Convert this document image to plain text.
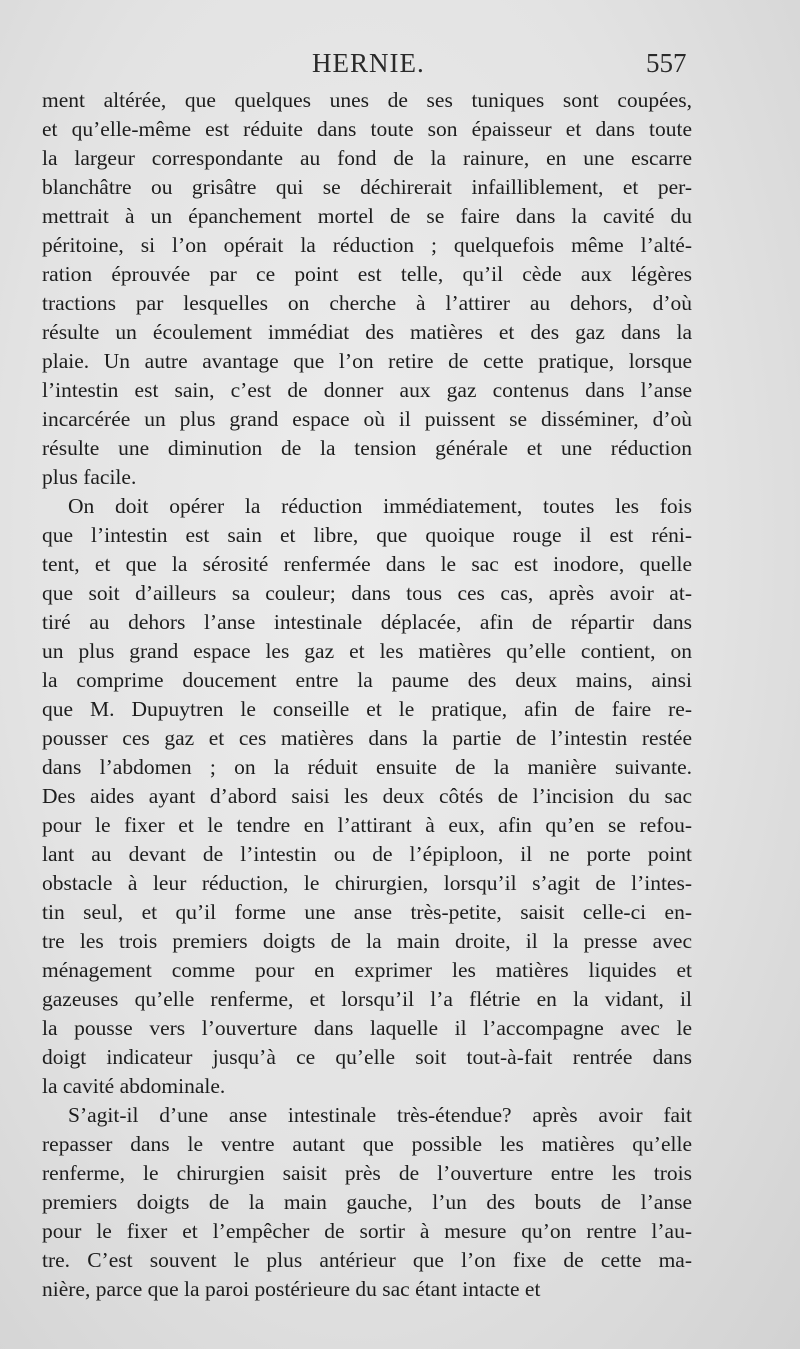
HERNIE.	557
ment altérée, que quelques unes de ses tuniques sont coupées,
et qu’elle-même est réduite dans toute son épaisseur et dans toute
la largeur correspondante au fond de la rainure, en une escarre
blanchâtre ou grisâtre qui se déchirerait infailliblement, et per-
mettrait à un épanchement mortel de se faire dans la cavité du
péritoine, si l’on opérait la réduction ; quelquefois même l’alté-
ration éprouvée par ce point est telle, qu’il cède aux légères
tractions par lesquelles on cherche à l’attirer au dehors, d’où
résulte un écoulement immédiat des matières et des gaz dans la
plaie. Un autre avantage que l’on retire de cette pratique, lorsque
l’intestin est sain, c’est de donner aux gaz contenus dans l’anse
incarcérée un plus grand espace où il puissent se disséminer, d’où
résulte une diminution de la tension générale et une réduction
plus facile.
On doit opérer la réduction immédiatement, toutes les fois
que l’intestin est sain et libre, que quoique rouge il est réni-
tent, et que la sérosité renfermée dans le sac est inodore, quelle
que soit d’ailleurs sa couleur; dans tous ces cas, après avoir at-
tiré au dehors l’anse intestinale déplacée, afin de répartir dans
un plus grand espace les gaz et les matières qu’elle contient, on
la comprime doucement entre la paume des deux mains, ainsi
que M. Dupuytren le conseille et le pratique, afin de faire re-
pousser ces gaz et ces matières dans la partie de l’intestin restée
dans l’abdomen ; on la réduit ensuite de la manière suivante.
Des aides ayant d’abord saisi les deux côtés de l’incision du sac
pour le fixer et le tendre en l’attirant à eux, afin qu’en se refou-
lant au devant de l’intestin ou de l’épiploon, il ne porte point
obstacle à leur réduction, le chirurgien, lorsqu’il s’agit de l’intes-
tin seul, et qu’il forme une anse très-petite, saisit celle-ci en-
tre les trois premiers doigts de la main droite, il la presse avec
ménagement comme pour en exprimer les matières liquides et
gazeuses qu’elle renferme, et lorsqu’il l’a flétrie en la vidant, il
la pousse vers l’ouverture dans laquelle il l’accompagne avec le
doigt indicateur jusqu’à ce qu’elle soit tout-à-fait rentrée dans
la cavité abdominale.
S’agit-il d’une anse intestinale très-étendue? après avoir fait
repasser dans le ventre autant que possible les matières qu’elle
renferme, le chirurgien saisit près de l’ouverture entre les trois
premiers doigts de la main gauche, l’un des bouts de l’anse
pour le fixer et l’empêcher de sortir à mesure qu’on rentre l’au-
tre. C’est souvent le plus antérieur que l’on fixe de cette ma-
nière, parce que la paroi postérieure du sac étant intacte et
